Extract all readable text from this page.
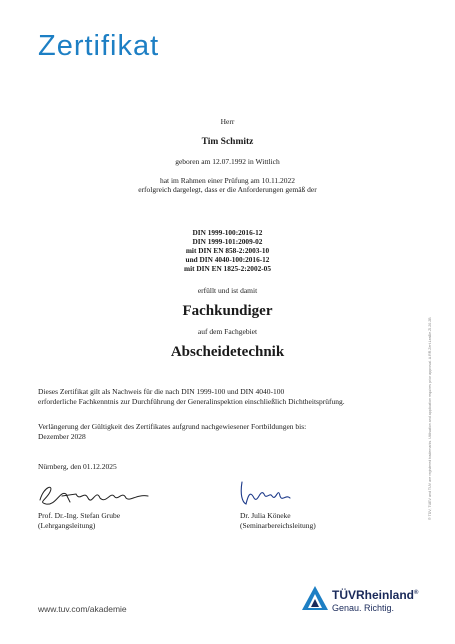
Zertifikat
Herr
Tim Schmitz
geboren am 12.07.1992 in Wittlich
hat im Rahmen einer Prüfung am 10.11.2022
erfolgreich dargelegt, dass er die Anforderungen gemäß der
DIN 1999-100:2016-12
DIN 1999-101:2009-02
mit DIN EN 858-2:2003-10
und DIN 4040-100:2016-12
mit DIN EN 1825-2:2002-05
erfüllt und ist damit
Fachkundiger
auf dem Fachgebiet
Abscheidetechnik
Dieses Zertifikat gilt als Nachweis für die nach DIN 1999-100 und DIN 4040-100
erforderliche Fachkenntnis zur Durchführung der Generalinspektion einschließlich Dichtheitsprüfung.
Verlängerung der Gültigkeit des Zertifikates aufgrund nachgewiesener Fortbildungen bis:
Dezember 2028
Nürnberg, den 01.12.2025
Prof. Dr.-Ing. Stefan Grube
(Lehrgangsleitung)
Dr. Julia Köneke
(Seminarbereichsleitung)
® TÜV, TUEV and TUV are registered trademarks. Utilisation and application requires prior approval. A.RR.Zert.LeaBe.ZI.20.2B
www.tuv.com/akademie
TÜVRheinland®
Genau. Richtig.
